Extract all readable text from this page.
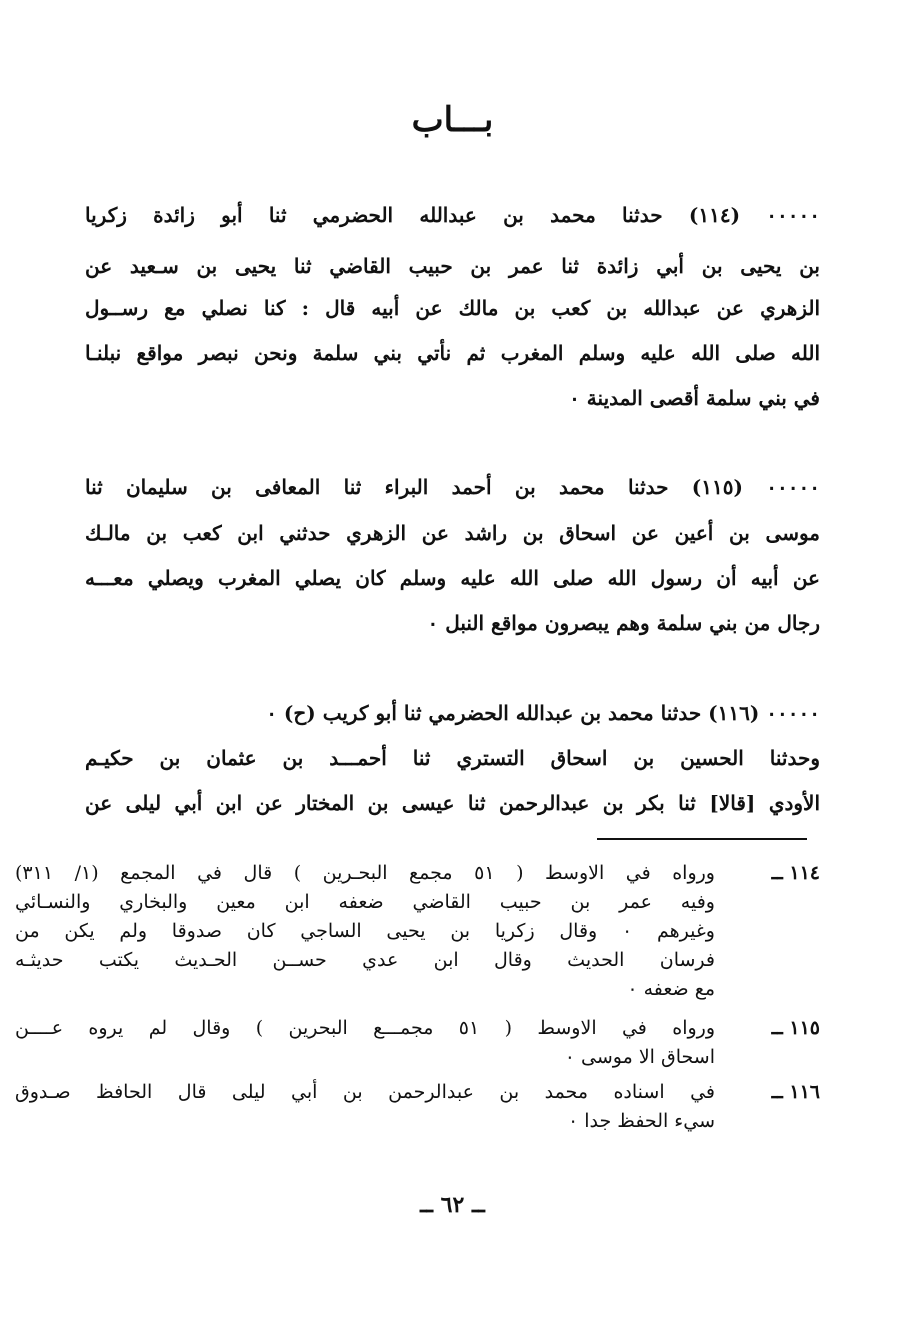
بـــاب
٠٠٠٠٠ (١١٤) حدثنا محمد بن عبدالله الحضرمي ثنا أبو زائدة زكريا
بن يحيى بن أبي زائدة ثنا عمر بن حبيب القاضي ثنا يحيى بن سـعيد عن
الزهري عن عبدالله بن كعب بن مالك عن أبيه قال : كنا نصلي مع رســول
الله صلى الله عليه وسلم المغرب ثم نأتي بني سلمة ونحن نبصر مواقع نبلنـا
في بني سلمة أقصى المدينة ٠
٠٠٠٠٠ (١١٥) حدثنا محمد بن أحمد البراء ثنا المعافى بن سليمان ثنا
موسى بن أعين عن اسحاق بن راشد عن الزهري حدثني ابن كعب بن مالـك
عن أبيه أن رسول الله صلى الله عليه وسلم كان يصلي المغرب ويصلي معـــه
رجال من بني سلمة وهم يبصرون مواقع النبل ٠
٠٠٠٠٠ (١١٦) حدثنا محمد بن عبدالله الحضرمي ثنا أبو كريب (ح) ٠
وحدثنا الحسين بن اسحاق التستري ثنا أحمـــد بن عثمان بن حكيـم
الأودي [قالا] ثنا بكر بن عبدالرحمن ثنا عيسى بن المختار عن ابن أبي ليلى عن
١١٤ ــ
ورواه في الاوسط ( ٥١ مجمع البحـرين ) قال في المجمع (١/ ٣١١)
وفيه عمر بن حبيب القاضي ضعفه ابن معين والبخاري والنسـائي
وغيرهم ٠ وقال زكريا بن يحيى الساجي كان صدوقا ولم يكن من
فرسان الحديث وقال ابن عدي حســن الحـديث يكتب حديثـه
مع ضعفه ٠
١١٥ ــ
ورواه في الاوسط ( ٥١ مجمـــع البحرين ) وقال لم يروه عــــن
اسحاق الا موسى ٠
١١٦ ــ
في اسناده محمد بن عبدالرحمن بن أبي ليلى قال الحافظ صـدوق
سيء الحفظ جدا ٠
ــ ٦٢ ــ
